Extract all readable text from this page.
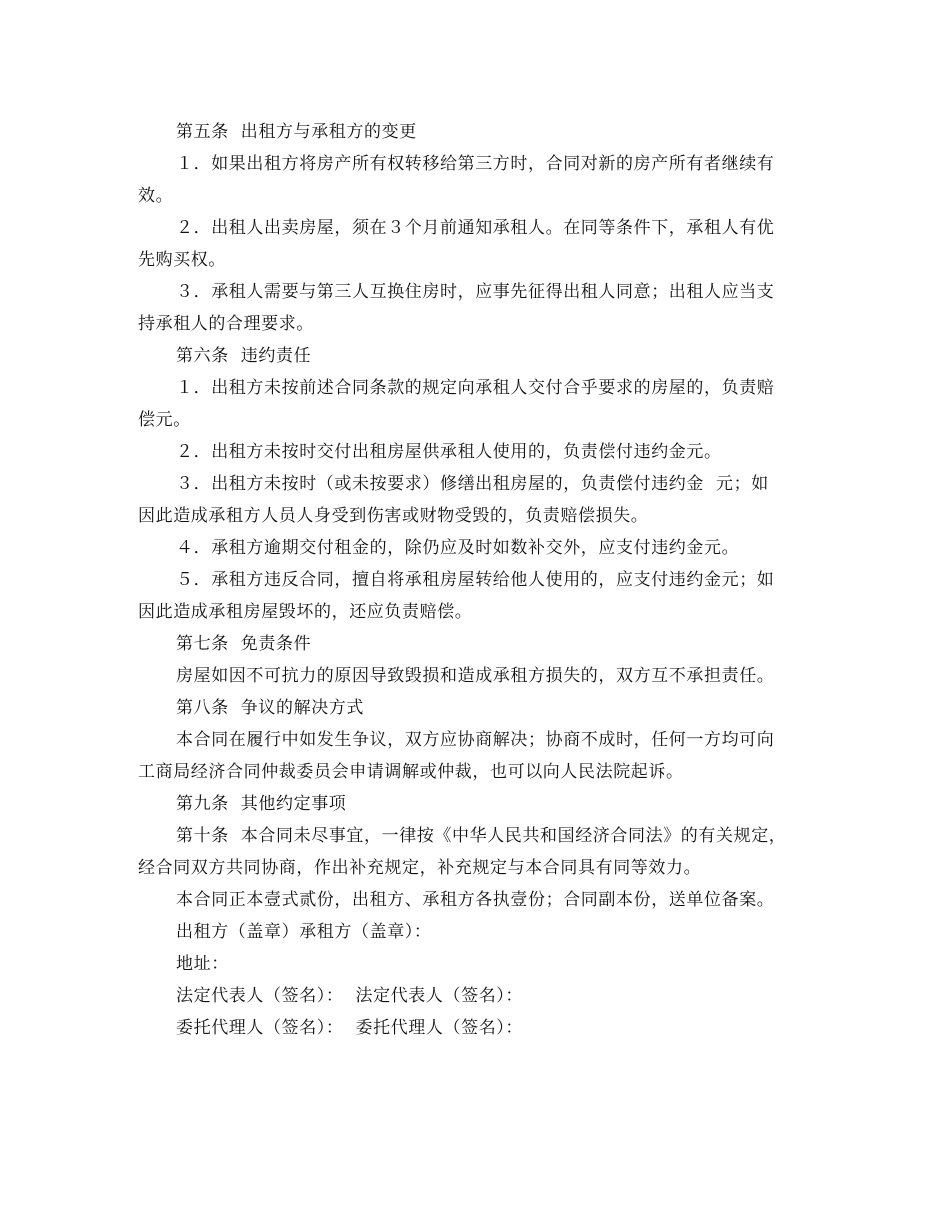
第五条  出租方与承租方的变更
１．如果出租方将房产所有权转移给第三方时，合同对新的房产所有者继续有
效。
２．出租人出卖房屋，须在３个月前通知承租人。在同等条件下，承租人有优
先购买权。
３．承租人需要与第三人互换住房时，应事先征得出租人同意；出租人应当支
持承租人的合理要求。
第六条  违约责任
１．出租方未按前述合同条款的规定向承租人交付合乎要求的房屋的，负责赔
偿元。
２．出租方未按时交付出租房屋供承租人使用的，负责偿付违约金元。
３．出租方未按时（或未按要求）修缮出租房屋的，负责偿付违约金  元；如
因此造成承租方人员人身受到伤害或财物受毁的，负责赔偿损失。
４．承租方逾期交付租金的，除仍应及时如数补交外，应支付违约金元。
５．承租方违反合同，擅自将承租房屋转给他人使用的，应支付违约金元；如
因此造成承租房屋毁坏的，还应负责赔偿。
第七条  免责条件
房屋如因不可抗力的原因导致毁损和造成承租方损失的，双方互不承担责任。
第八条  争议的解决方式
本合同在履行中如发生争议，双方应协商解决；协商不成时，任何一方均可向
工商局经济合同仲裁委员会申请调解或仲裁，也可以向人民法院起诉。
第九条  其他约定事项
第十条  本合同未尽事宜，一律按《中华人民共和国经济合同法》的有关规定，
经合同双方共同协商，作出补充规定，补充规定与本合同具有同等效力。
本合同正本壹式贰份，出租方、承租方各执壹份；合同副本份，送单位备案。
出租方（盖章）承租方（盖章）：
地址：
法定代表人（签名）：  法定代表人（签名）：
委托代理人（签名）：  委托代理人（签名）：
